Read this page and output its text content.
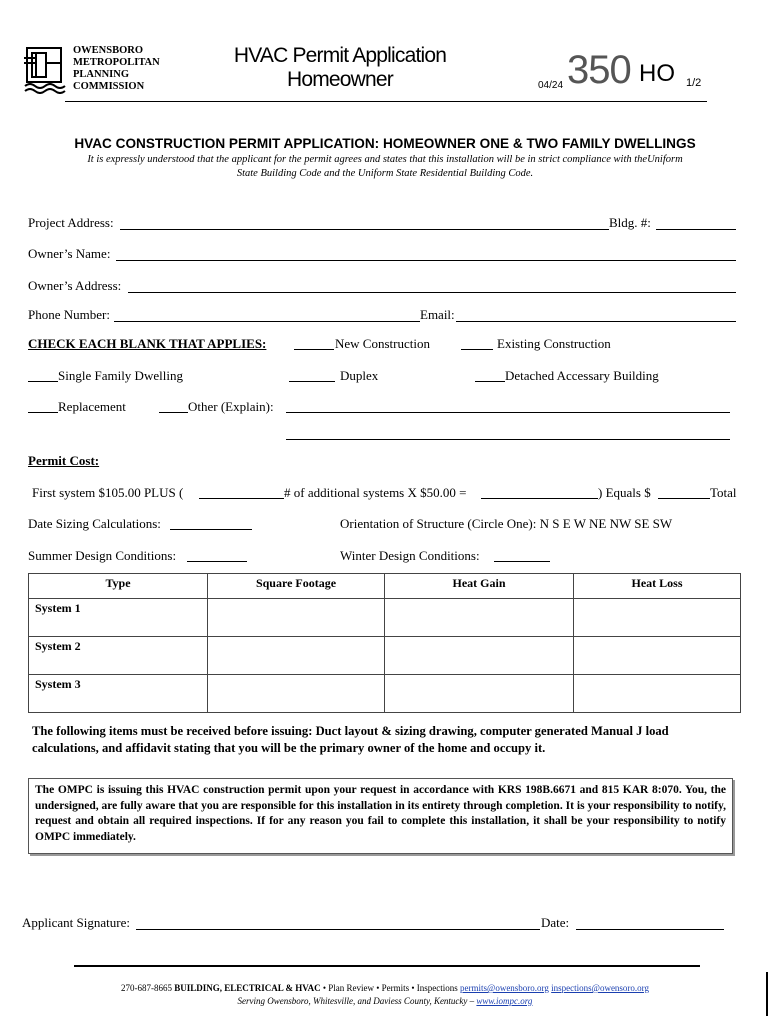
OWENSBORO
METROPOLITAN
PLANNING
COMMISSION
HVAC Permit Application
Homeowner	04/24 350 HO 1/2
HVAC CONSTRUCTION PERMIT APPLICATION: HOMEOWNER ONE & TWO FAMILY DWELLINGS
It is expressly understood that the applicant for the permit agrees and states that this installation will be in strict compliance with theUniform
State Building Code and the Uniform State Residential Building Code.
Project Address:	Bldg. #:
Owner’s Name:
Owner’s Address:
Phone Number:	Email:
CHECK EACH BLANK THAT APPLIES:	New Construction	Existing Construction
Single Family Dwelling	Duplex	Detached Accessary Building
Replacement	Other (Explain):
Permit Cost:
First system $105.00 PLUS (	# of additional systems X $50.00 =	) Equals $	Total
Date Sizing Calculations:	Orientation of Structure (Circle One): N S E W NE NW SE SW
Summer Design Conditions:	Winter Design Conditions:
Type	Square Footage	Heat Gain	Heat Loss
System 1			
System 2			
System 3			
The following items must be received before issuing: Duct layout & sizing drawing, computer generated Manual J load
calculations, and affidavit stating that you will be the primary owner of the home and occupy it.
The OMPC is issuing this HVAC construction permit upon your request in accordance with KRS 198B.6671 and 815 KAR 8:070. You, the undersigned, are fully aware that you are responsible for this installation in its entirety through completion. It is your responsibility to notify, request and obtain all required inspections. If for any reason you fail to complete this installation, it shall be your responsibility to notify OMPC immediately.
Applicant Signature:	Date:
270-687-8665 BUILDING, ELECTRICAL & HVAC • Plan Review • Permits • Inspections permits@owensboro.org inspections@owensoro.org
Serving Owensboro, Whitesville, and Daviess County, Kentucky – www.iompc.org
